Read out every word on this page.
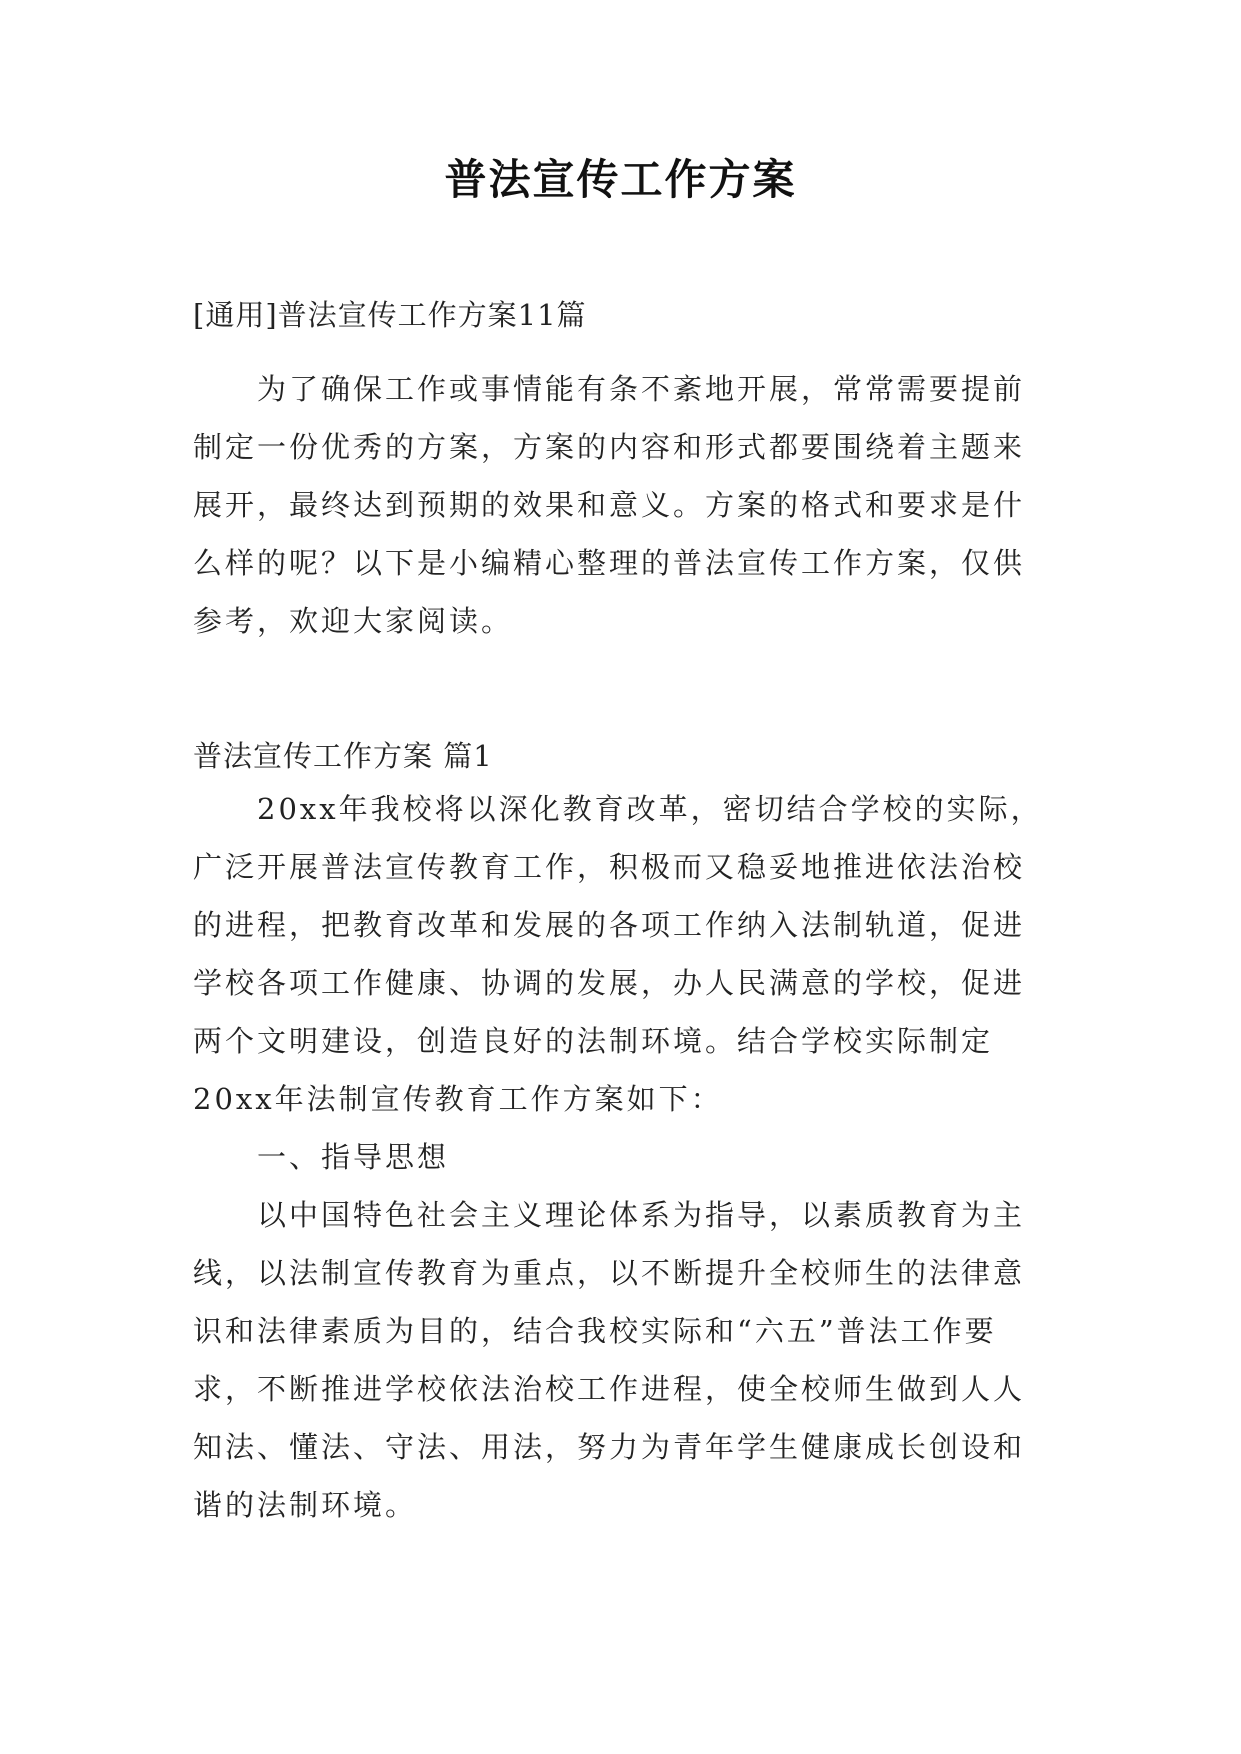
普法宣传工作方案
[通用]普法宣传工作方案11篇
为了确保工作或事情能有条不紊地开展，常常需要提前
制定一份优秀的方案，方案的内容和形式都要围绕着主题来
展开，最终达到预期的效果和意义。方案的格式和要求是什
么样的呢？以下是小编精心整理的普法宣传工作方案，仅供
参考，欢迎大家阅读。
普法宣传工作方案 篇1
20xx年我校将以深化教育改革，密切结合学校的实际，
广泛开展普法宣传教育工作，积极而又稳妥地推进依法治校
的进程，把教育改革和发展的各项工作纳入法制轨道，促进
学校各项工作健康、协调的发展，办人民满意的学校，促进
两个文明建设，创造良好的法制环境。结合学校实际制定
20xx年法制宣传教育工作方案如下：
一、指导思想
以中国特色社会主义理论体系为指导，以素质教育为主
线，以法制宣传教育为重点，以不断提升全校师生的法律意
识和法律素质为目的，结合我校实际和“六五”普法工作要
求，不断推进学校依法治校工作进程，使全校师生做到人人
知法、懂法、守法、用法，努力为青年学生健康成长创设和
谐的法制环境。
